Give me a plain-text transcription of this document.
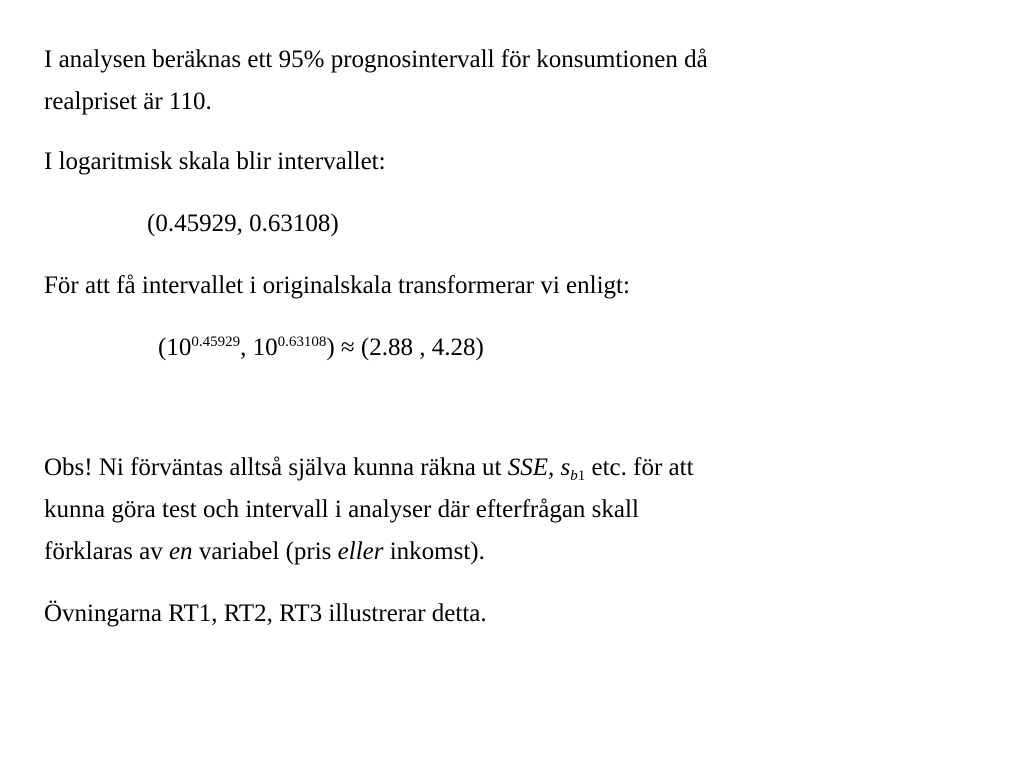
I analysen beräknas ett 95% prognosintervall för konsumtionen då
realpriset är 110.
I logaritmisk skala blir intervallet:
(0.45929, 0.63108)
För att få intervallet i originalskala transformerar vi enligt:
($10^{0.45929}$, $10^{0.63108}) \approx (2.88$ , 4.28)
Obs! Ni förväntas alltså själva kunna räkna ut SSE, $s_{b1}$ etc. för att
kunna göra test och intervall i analyser där efterfrågan skall
förklaras av en variabel (pris eller inkomst).
Övningarna RT1, RT2, RT3 illustrerar detta.
